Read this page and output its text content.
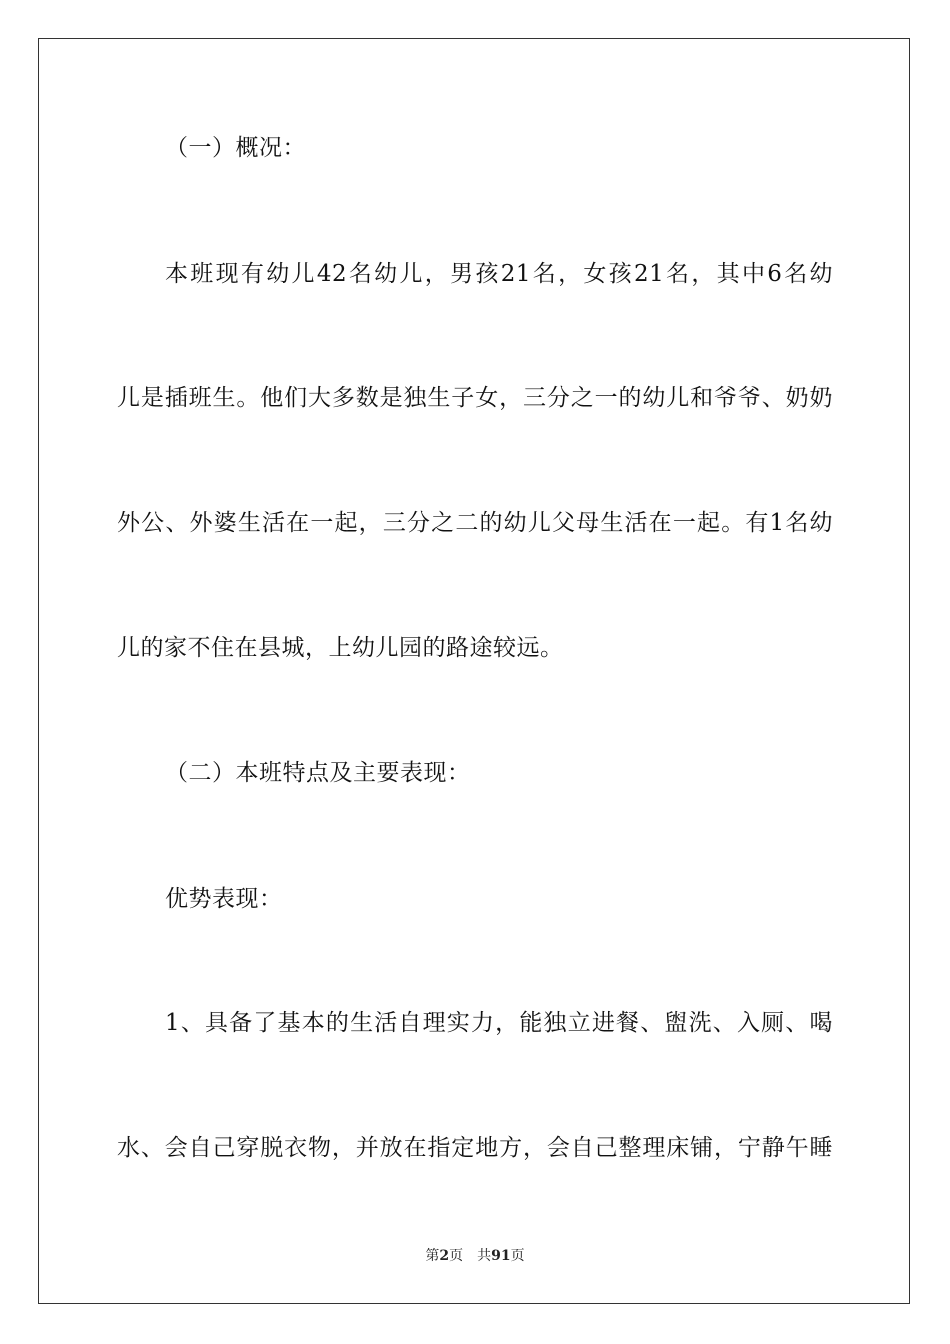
（一）概况：
本班现有幼儿42名幼儿，男孩21名，女孩21名，其中6名幼
儿是插班生。他们大多数是独生子女，三分之一的幼儿和爷爷、奶奶
外公、外婆生活在一起，三分之二的幼儿父母生活在一起。有1名幼
儿的家不住在县城，上幼儿园的路途较远。
（二）本班特点及主要表现：
优势表现：
1、具备了基本的生活自理实力，能独立进餐、盥洗、入厕、喝
水、会自己穿脱衣物，并放在指定地方，会自己整理床铺，宁静午睡
第2页 共91页
